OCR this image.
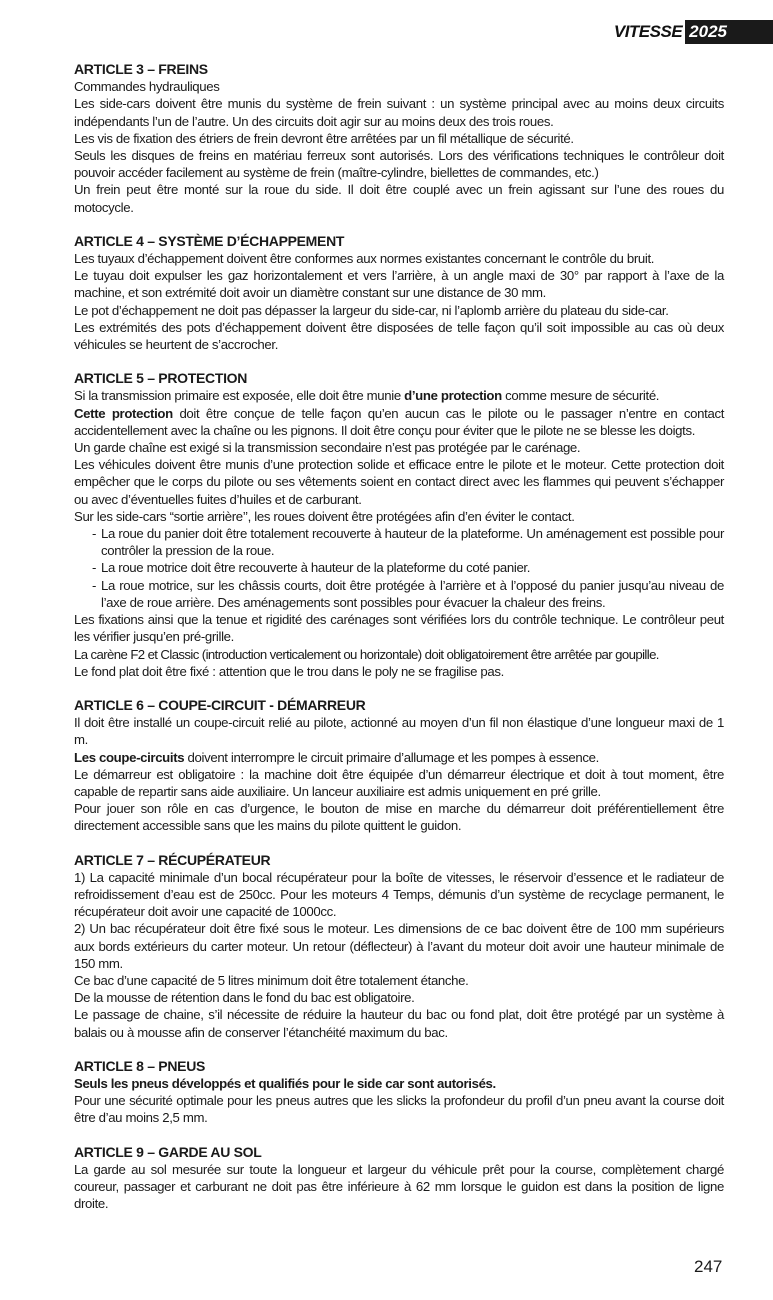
VITESSE 2025
ARTICLE 3 – FREINS

Commandes hydrauliques

Les side-cars doivent être munis du système de frein suivant : un système principal avec au moins deux circuits indépendants l’un de l’autre. Un des circuits doit agir sur au moins deux des trois roues.

Les vis de fixation des étriers de frein devront être arrêtées par un fil métallique de sécurité.

Seuls les disques de freins en matériau ferreux sont autorisés. Lors des vérifications techniques le contrôleur doit pouvoir accéder facilement au système de frein (maître-cylindre, biellettes de commandes, etc.)

Un frein peut être monté sur la roue du side. Il doit être couplé avec un frein agissant sur l’une des roues du motocycle.

ARTICLE 4 – SYSTÈME D’ÉCHAPPEMENT

Les tuyaux d’échappement doivent être conformes aux normes existantes concernant le contrôle du bruit.

Le tuyau doit expulser les gaz horizontalement et vers l’arrière, à un angle maxi de 30° par rapport à l’axe de la machine, et son extrémité doit avoir un diamètre constant sur une distance de 30 mm.

Le pot d’échappement ne doit pas dépasser la largeur du side-car, ni l’aplomb arrière du plateau du side-car.

Les extrémités des pots d’échappement doivent être disposées de telle façon qu’il soit impossible au cas où deux véhicules se heurtent de s’accrocher.

ARTICLE 5 – PROTECTION

Si la transmission primaire est exposée, elle doit être munie d’une protection comme mesure de sécurité.

Cette protection doit être conçue de telle façon qu’en aucun cas le pilote ou le passager n’entre en contact accidentellement avec la chaîne ou les pignons. Il doit être conçu pour éviter que le pilote ne se blesse les doigts.

Un garde chaîne est exigé si la transmission secondaire n’est pas protégée par le carénage.

Les véhicules doivent être munis d’une protection solide et efficace entre le pilote et le moteur. Cette protection doit empêcher que le corps du pilote ou ses vêtements soient en contact direct avec les flammes qui peuvent s’échapper ou avec d’éventuelles fuites d’huiles et de carburant.

Sur les side-cars “sortie arrière’’, les roues doivent être protégées afin d’en éviter le contact.

- La roue du panier doit être totalement recouverte à hauteur de la plateforme. Un aménagement est possible pour contrôler la pression de la roue.
- La roue motrice doit être recouverte à hauteur de la plateforme du coté panier.
- La roue motrice, sur les châssis courts, doit être protégée à l’arrière et à l’opposé du panier jusqu’au niveau de l’axe de roue arrière. Des aménagements sont possibles pour évacuer la chaleur des freins.

Les fixations ainsi que la tenue et rigidité des carénages sont vérifiées lors du contrôle technique. Le contrôleur peut les vérifier jusqu’en pré-grille.

La carène F2 et Classic (introduction verticalement ou horizontale) doit obligatoirement être arrêtée par goupille.

Le fond plat doit être fixé : attention que le trou dans le poly ne se fragilise pas.

ARTICLE 6 – COUPE-CIRCUIT - DÉMARREUR

Il doit être installé un coupe-circuit relié au pilote, actionné au moyen d’un fil non élastique d’une longueur maxi de 1 m.

Les coupe-circuits doivent interrompre le circuit primaire d’allumage et les pompes à essence.

Le démarreur est obligatoire : la machine doit être équipée d’un démarreur électrique et doit à tout moment, être capable de repartir sans aide auxiliaire. Un lanceur auxiliaire est admis uniquement en pré grille.

Pour jouer son rôle en cas d’urgence, le bouton de mise en marche du démarreur doit préférentiellement être directement accessible sans que les mains du pilote quittent le guidon.

ARTICLE 7 – RÉCUPÉRATEUR

1) La capacité minimale d’un bocal récupérateur pour la boîte de vitesses, le réservoir d’essence et le radiateur de refroidissement d’eau est de 250cc. Pour les moteurs 4 Temps, démunis d’un système de recyclage permanent, le récupérateur doit avoir une capacité de 1000cc.

2) Un bac récupérateur doit être fixé sous le moteur. Les dimensions de ce bac doivent être de 100 mm supérieurs aux bords extérieurs du carter moteur. Un retour (déflecteur) à l’avant du moteur doit avoir une hauteur minimale de 150 mm.

Ce bac d’une capacité de 5 litres minimum doit être totalement étanche.

De la mousse de rétention dans le fond du bac est obligatoire.

Le passage de chaine, s’il nécessite de réduire la hauteur du bac ou fond plat, doit être protégé par un système à balais ou à mousse afin de conserver l’étanchéité maximum du bac.

ARTICLE 8 – PNEUS

Seuls les pneus développés et qualifiés pour le side car sont autorisés.

Pour une sécurité optimale pour les pneus autres que les slicks la profondeur du profil d’un pneu avant la course doit être d’au moins 2,5 mm.

ARTICLE 9 – GARDE AU SOL

La garde au sol mesurée sur toute la longueur et largeur du véhicule prêt pour la course, complètement chargé coureur, passager et carburant ne doit pas être inférieure à 62 mm lorsque le guidon est dans la position de ligne droite.

247
